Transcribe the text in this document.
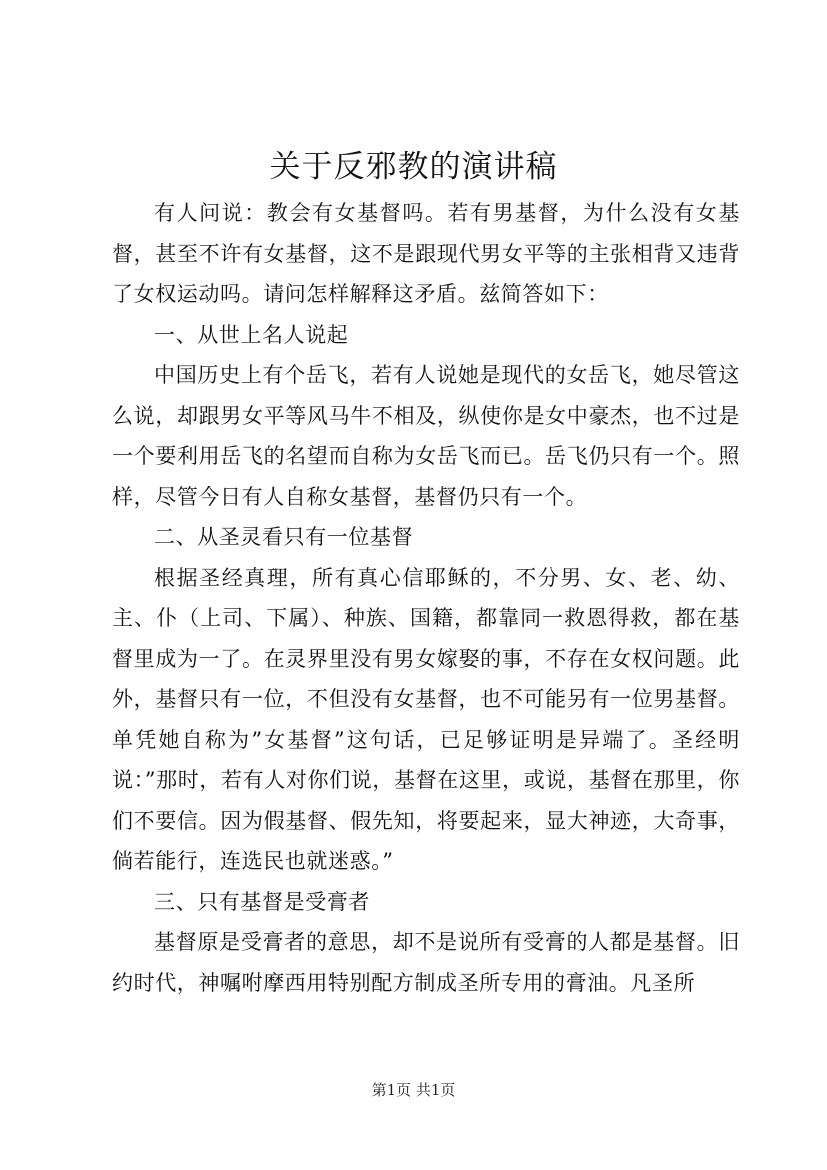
关于反邪教的演讲稿

有人问说：教会有女基督吗。若有男基督，为什么没有女基督，甚至不许有女基督，这不是跟现代男女平等的主张相背又违背了女权运动吗。请问怎样解释这矛盾。兹简答如下：

一、从世上名人说起

中国历史上有个岳飞，若有人说她是现代的女岳飞，她尽管这么说，却跟男女平等风马牛不相及，纵使你是女中豪杰，也不过是一个要利用岳飞的名望而自称为女岳飞而已。岳飞仍只有一个。照样，尽管今日有人自称女基督，基督仍只有一个。

二、从圣灵看只有一位基督

根据圣经真理，所有真心信耶稣的，不分男、女、老、幼、主、仆（上司、下属）、种族、国籍，都靠同一救恩得救，都在基督里成为一了。在灵界里没有男女嫁娶的事，不存在女权问题。此外，基督只有一位，不但没有女基督，也不可能另有一位男基督。单凭她自称为”女基督”这句话，已足够证明是异端了。圣经明说：”那时，若有人对你们说，基督在这里，或说，基督在那里，你们不要信。因为假基督、假先知，将要起来，显大神迹，大奇事，倘若能行，连选民也就迷惑。”

三、只有基督是受膏者

基督原是受膏者的意思，却不是说所有受膏的人都是基督。旧约时代，神嘱咐摩西用特别配方制成圣所专用的膏油。凡圣所

第1页 共1页
